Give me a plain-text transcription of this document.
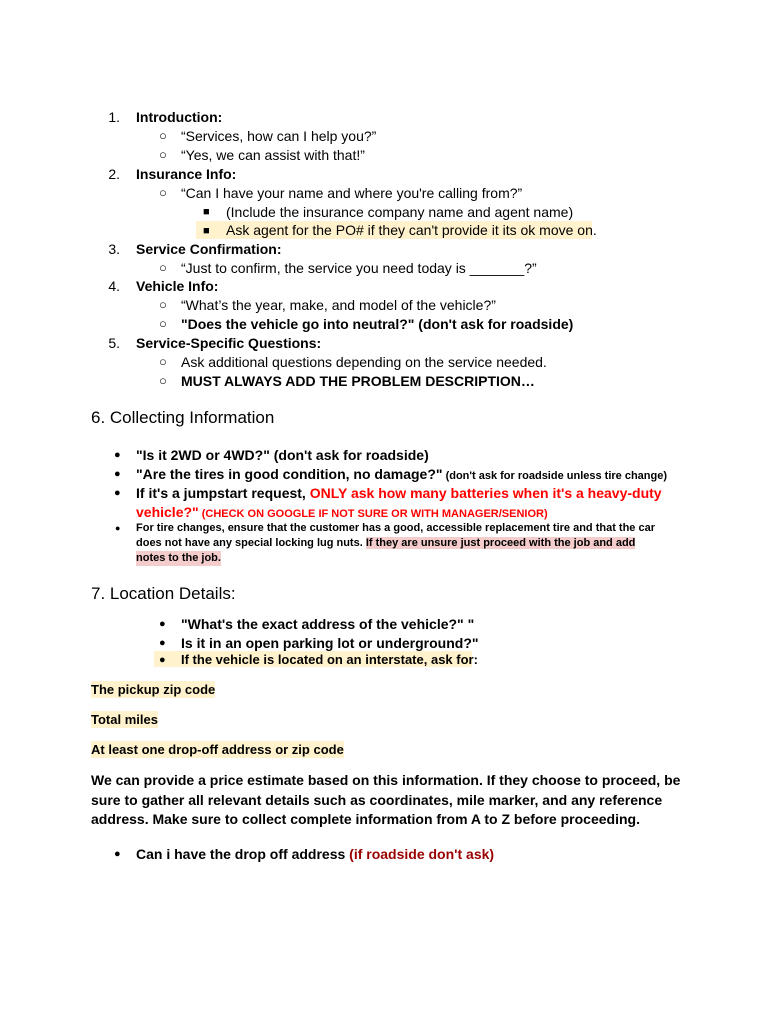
1. Introduction:
○ “Services, how can I help you?”
○ “Yes, we can assist with that!”
2. Insurance Info:
○ “Can I have your name and where you're calling from?”
■ (Include the insurance company name and agent name)
■ Ask agent for the PO# if they can't provide it its ok move on.
3. Service Confirmation:
○ “Just to confirm, the service you need today is _______?”
4. Vehicle Info:
○ “What’s the year, make, and model of the vehicle?”
○ "Does the vehicle go into neutral?" (don't ask for roadside)
5. Service-Specific Questions:
○ Ask additional questions depending on the service needed.
○ MUST ALWAYS ADD THE PROBLEM DESCRIPTION…
6. Collecting Information
● "Is it 2WD or 4WD?" (don't ask for roadside)
● "Are the tires in good condition, no damage?" (don't ask for roadside unless tire change)
● If it's a jumpstart request, ONLY ask how many batteries when it's a heavy-duty
vehicle?" (CHECK ON GOOGLE IF NOT SURE OR WITH MANAGER/SENIOR)
● For tire changes, ensure that the customer has a good, accessible replacement tire and that the car
does not have any special locking lug nuts. If they are unsure just proceed with the job and add
notes to the job.
7. Location Details:
● "What's the exact address of the vehicle?" "
● Is it in an open parking lot or underground?"
● If the vehicle is located on an interstate, ask for:
The pickup zip code
Total miles
At least one drop-off address or zip code
We can provide a price estimate based on this information. If they choose to proceed, be
sure to gather all relevant details such as coordinates, mile marker, and any reference
address. Make sure to collect complete information from A to Z before proceeding.
● Can i have the drop off address (if roadside don't ask)
